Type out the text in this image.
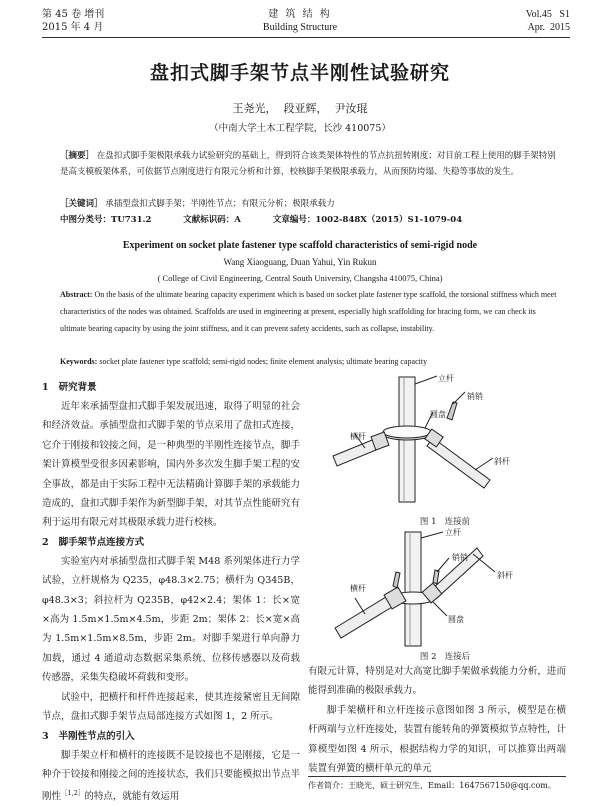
第 45 卷 增刊
2015 年 4 月
建 筑 结 构
Building Structure
Vol.45   S1
Apr.  2015
盘扣式脚手架节点半刚性试验研究
王尧光，  段亚辉，  尹汝琨
（中南大学土木工程学院，长沙 410075）
［摘要］ 在盘扣式脚手架极限承载力试验研究的基础上，得到符合该类架体特性的节点抗扭转刚度；对目前工程上使用的脚手架特别是高支模板架体系，可依据节点刚度进行有限元分析和计算，校核脚手架极限承载力，从而预防垮塌、失稳等事故的发生。
［关键词］ 承插型盘扣式脚手架；半刚性节点；有限元分析；极限承载力
中图分类号：TU731.2	文献标识码：A	文章编号：1002-848X（2015）S1-1079-04
Experiment on socket plate fastener type scaffold characteristics of semi-rigid node
Wang Xiaoguang, Duan Yahui, Yin Rukun
( College of Civil Engineering, Central South University, Changsha 410075, China)
Abstract: On the basis of the ultimate bearing capacity experiment which is based on socket plate fastener type scaffold, the torsional stiffness which meet characteristics of the nodes was obtained. Scaffolds are used in engineering at present, especially high scaffolding for bracing form, we can check its ultimate bearing capacity by using the joint stiffness, and it can prevent safety accidents, such as collapse, instability.
Keywords: socket plate fastener type scaffold; semi-rigid nodes; finite element analysis; ultimate bearing capacity
1 研究背景

近年来承插型盘扣式脚手架发展迅速，取得了明显的社会和经济效益。承插型盘扣式脚手架的节点采用了盘扣式连接，它介于刚接和铰接之间，是一种典型的半刚性连接节点，脚手架计算模型受很多因素影响，国内外多次发生脚手架工程的安全事故，都是由于实际工程中无法精确计算脚手架的承载能力造成的，盘扣式脚手架作为新型脚手架，对其节点性能研究有利于运用有限元对其极限承载力进行校核。

2 脚手架节点连接方式

实验室内对承插型盘扣式脚手架 M48 系列架体进行力学试验，立杆规格为 Q235，φ48.3×2.75；横杆为 Q345B，φ48.3×3；斜拉杆为 Q235B，φ42×2.4；架体 1：长×宽×高为 1.5m×1.5m×4.5m，步距 2m；架体 2：长×宽×高为 1.5m×1.5m×8.5m，步距 2m。对脚手架进行单向静力加载，通过 4 通道动态数据采集系统、位移传感器以及荷载传感器，采集失稳破坏荷载和变形。

试验中，把横杆和杆件连接起来，使其连接紧密且无间隙节点，盘扣式脚手架节点局部连接方式如图 1，2 所示。

3 半刚性节点的引入

脚手架立杆和横杆的连接既不是铰接也不是刚接，它是一种介于铰接和刚接之间的连接状态，我们只要能模拟出节点半刚性$^{[1,2]}$的特点，就能有效运用

立杆
销销
圆盘
横杆
斜杆
图 1   连接前
立杆
销销
横杆
圆盘
斜杆
图 2   连接后

有限元计算，特别是对大高宽比脚手架做承载能力分析，进而能得到准确的极限承载力。

脚手架横杆和立杆连接示意图如图 3 所示，模型是在横杆两端与立杆连接处，装置有能转角的弹簧模拟节点特性，计算模型如图 4 所示，根据结构力学的知识，可以推算出两端装置有弹簧的横杆单元的单元

作者简介：王晓光，硕士研究生，Email：1647567150@qq.com。
